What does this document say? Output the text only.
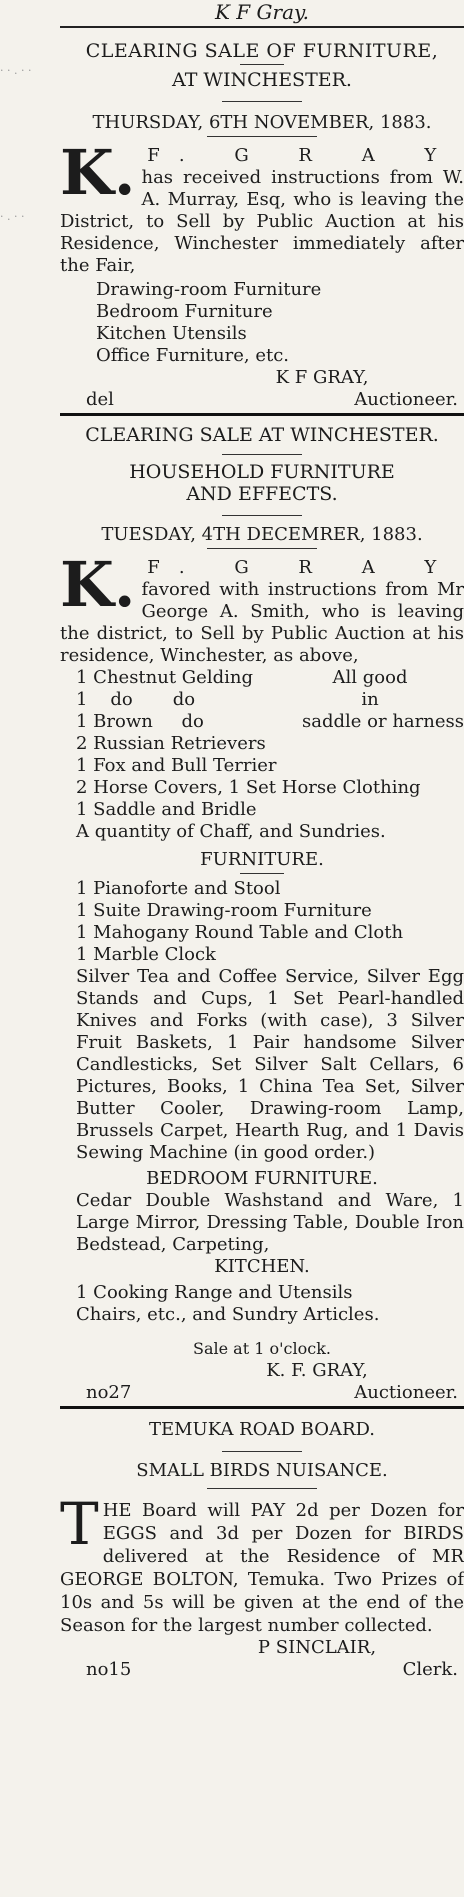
· · . · ·
· . · ·
K F Gray.
CLEARING SALE OF FURNITURE,
AT WINCHESTER.
THURSDAY, 6TH NOVEMBER, 1883.
K. F. G R A Y
has received instructions from W. A. Murray, Esq, who is leaving the District, to Sell by Public Auction at his Residence, Winchester immediately after the Fair,
Drawing-room Furniture
Bedroom Furniture
Kitchen Utensils
Office Furniture, etc.
K F GRAY,
del	Auctioneer.
CLEARING SALE AT WINCHESTER.
HOUSEHOLD FURNITURE
AND EFFECTS.
TUESDAY, 4TH DECEMRER, 1883.
K. F. G R A Y
favored with instructions from Mr George A. Smith, who is leaving the district, to Sell by Public Auction at his residence, Winchester, as above,
1 Chestnut Gelding	All good
1    do       do	in
1 Brown     do	saddle or harness
2 Russian Retrievers
1 Fox and Bull Terrier
2 Horse Covers, 1 Set Horse Clothing
1 Saddle and Bridle
A quantity of Chaff, and Sundries.
FURNITURE.
1 Pianoforte and Stool
1 Suite Drawing-room Furniture
1 Mahogany Round Table and Cloth
1 Marble Clock
Silver Tea and Coffee Service, Silver Egg Stands and Cups, 1 Set Pearl-handled Knives and Forks (with case), 3 Silver Fruit Baskets, 1 Pair handsome Silver Candlesticks, Set Silver Salt Cellars, 6 Pictures, Books, 1 China Tea Set, Silver Butter Cooler, Drawing-room Lamp, Brussels Carpet, Hearth Rug, and 1 Davis Sewing Machine (in good order.)
BEDROOM FURNITURE.
Cedar Double Washstand and Ware, 1 Large Mirror, Dressing Table, Double Iron Bedstead, Carpeting,
KITCHEN.
1 Cooking Range and Utensils
Chairs, etc., and Sundry Articles.
Sale at 1 o'clock.
K. F. GRAY,
no27	Auctioneer.
TEMUKA ROAD BOARD.
SMALL BIRDS NUISANCE.
T HE Board will PAY 2d per Dozen for EGGS and 3d per Dozen for BIRDS delivered at the Residence of MR GEORGE BOLTON, Temuka. Two Prizes of 10s and 5s will be given at the end of the Season for the largest number collected.
P SINCLAIR,
no15	Clerk.
